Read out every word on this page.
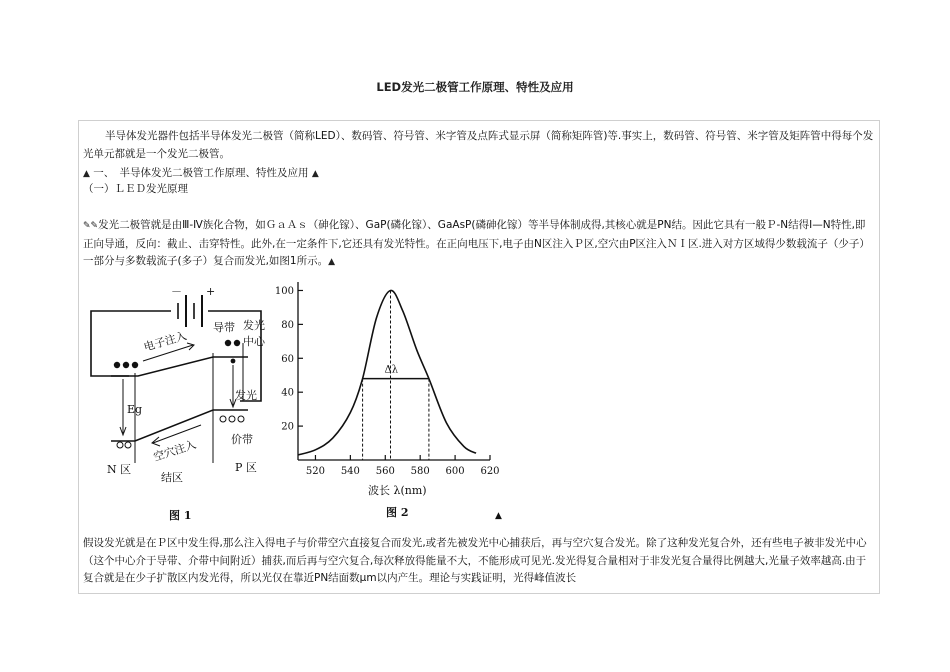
LED发光二极管工作原理、特性及应用

半导体发光器件包括半导体发光二极管（简称LED）、数码管、符号管、米字管及点阵式显示屏（简称矩阵管)等.事实上，数码管、符号管、米字管及矩阵管中得每个发光单元都就是一个发光二极管。

▲ 一、　半导体发光二极管工作原理、特性及应用 ▲
（一）ＬＥＤ发光原理

✎✎发光二极管就是由Ⅲ-Ⅳ族化合物，如ＧａＡｓ（砷化镓）、GaP(磷化镓）、GaAsP(磷砷化镓）等半导体制成得,其核心就是PN结。因此它具有一般Ｐ-N结得I—N特性,即正向导通，反向：截止、击穿特性。此外,在一定条件下,它还具有发光特性。在正向电压下,电子由N区注入Ｐ区,空穴由P区注入ＮＩ区.进入对方区域得少数载流子（少子）一部分与多数载流子(多子）复合而发光,如图1所示。▲

假设发光就是在Ｐ区中发生得,那么注入得电子与价带空穴直接复合而发光,或者先被发光中心捕获后，再与空穴复合发光。除了这种发光复合外，还有些电子被非发光中心（这个中心介于导带、介带中间附近）捕获,而后再与空穴复合,每次释放得能量不大，不能形成可见光.发光得复合量相对于非发光复合量得比例越大,光量子效率越高.由于复合就是在少子扩散区内发光得，所以光仅在靠近PN结面数μm以内产生。理论与实践证明，光得峰值波长

－ +
电子注入
导带 发光
中心
Eg
发光
价带
空穴注入
N 区
结区
P 区
图 1
20
40
60
80
100
520 540 560 580 600 620
Δλ
波长 λ(nm)
图 2	▲
